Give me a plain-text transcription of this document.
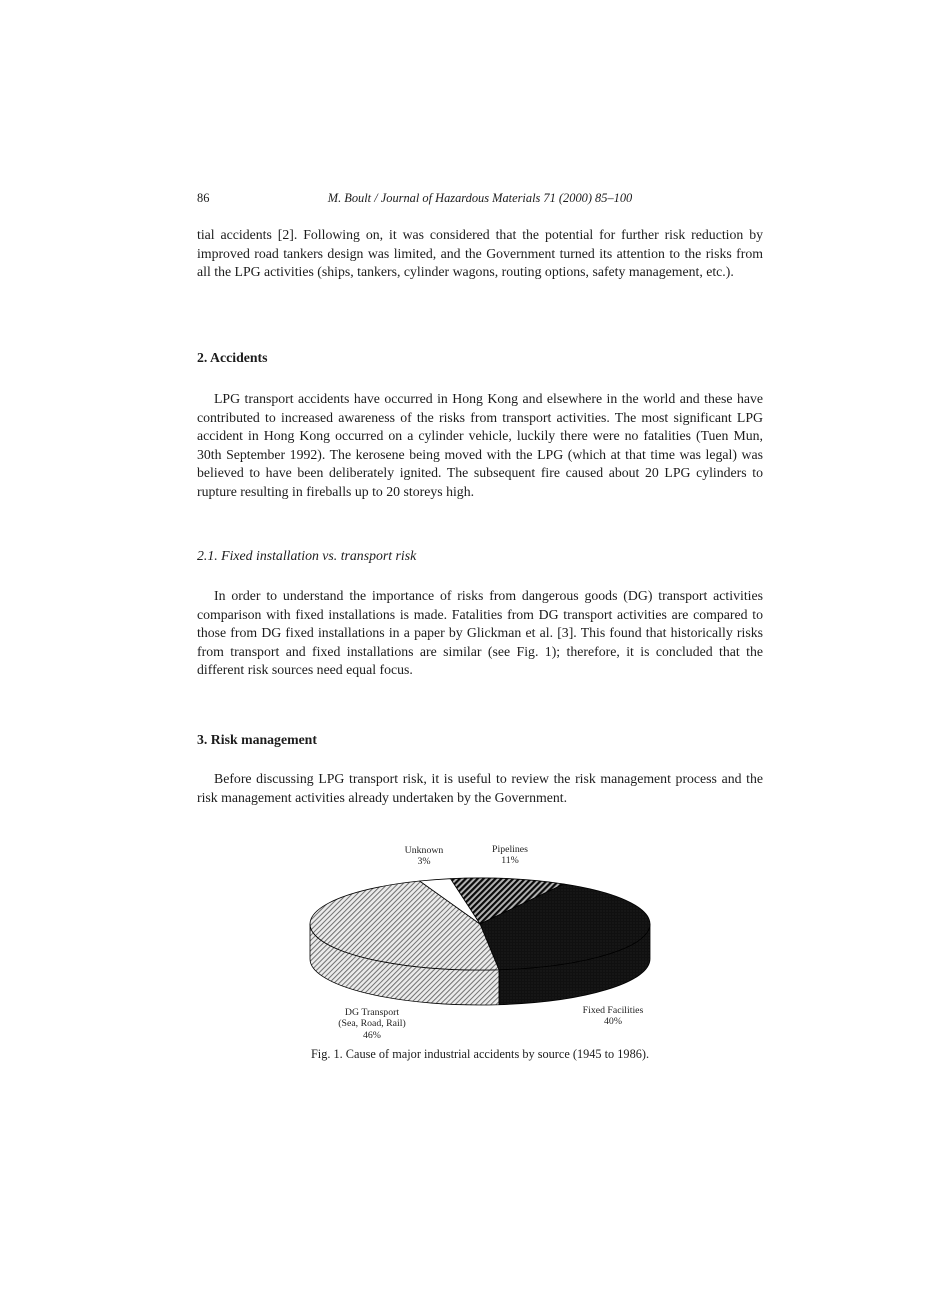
86	M. Boult / Journal of Hazardous Materials 71 (2000) 85–100

tial accidents [2]. Following on, it was considered that the potential for further risk reduction by improved road tankers design was limited, and the Government turned its attention to the risks from all the LPG activities (ships, tankers, cylinder wagons, routing options, safety management, etc.).

2. Accidents

LPG transport accidents have occurred in Hong Kong and elsewhere in the world and these have contributed to increased awareness of the risks from transport activities. The most significant LPG accident in Hong Kong occurred on a cylinder vehicle, luckily there were no fatalities (Tuen Mun, 30th September 1992). The kerosene being moved with the LPG (which at that time was legal) was believed to have been deliberately ignited. The subsequent fire caused about 20 LPG cylinders to rupture resulting in fireballs up to 20 storeys high.

2.1. Fixed installation vs. transport risk

In order to understand the importance of risks from dangerous goods (DG) transport activities comparison with fixed installations is made. Fatalities from DG transport activities are compared to those from DG fixed installations in a paper by Glickman et al. [3]. This found that historically risks from transport and fixed installations are similar (see Fig. 1); therefore, it is concluded that the different risk sources need equal focus.

3. Risk management

Before discussing LPG transport risk, it is useful to review the risk management process and the risk management activities already undertaken by the Government.

Unknown
3%
Pipelines
11%
DG Transport
(Sea, Road, Rail)
46%
Fixed Facilities
40%

Fig. 1. Cause of major industrial accidents by source (1945 to 1986).
